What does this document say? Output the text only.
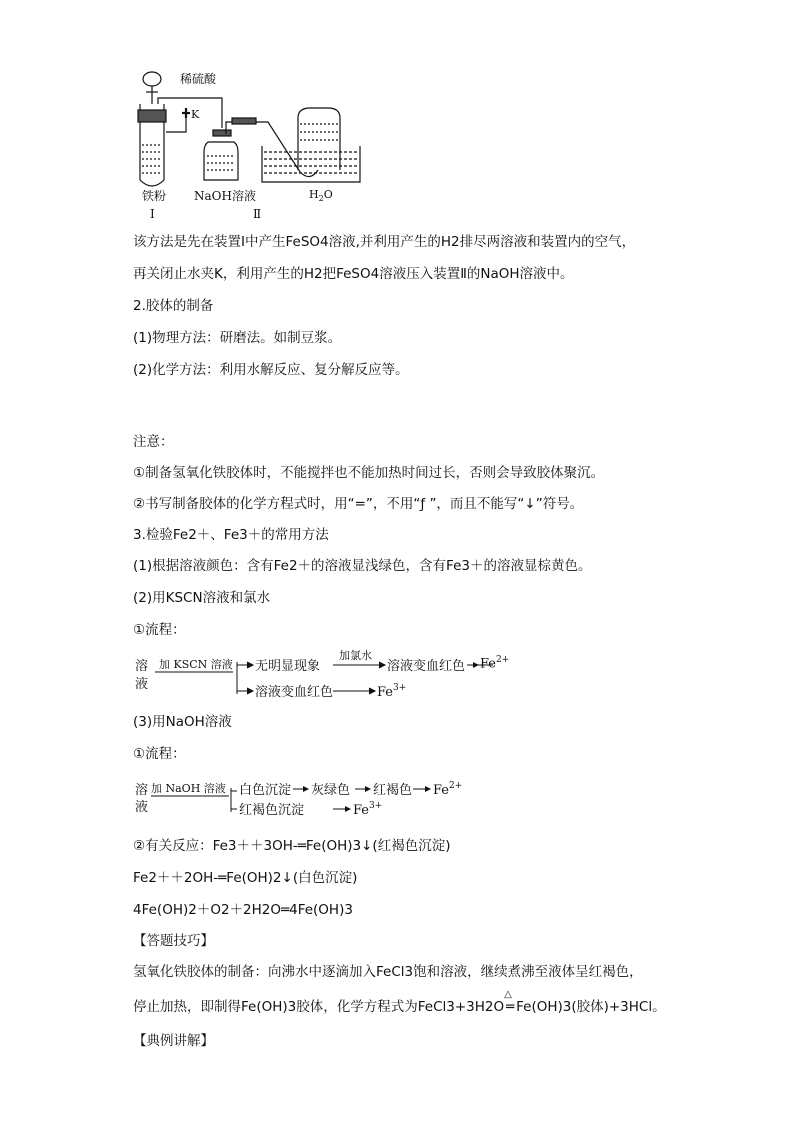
稀硫酸
K
铁粉 NaOH溶液	$H_2O$
Ⅰ	Ⅱ
该方法是先在装置Ⅰ中产生FeSO4溶液,并利用产生的H2排尽两溶液和装置内的空气，
再关闭止水夹K，利用产生的H2把FeSO4溶液压入装置Ⅱ的NaOH溶液中。
2.胶体的制备
(1)物理方法：研磨法。如制豆浆。
(2)化学方法：利用水解反应、复分解反应等。
注意：
①制备氢氧化铁胶体时，不能搅拌也不能加热时间过长，否则会导致胶体聚沉。
②书写制备胶体的化学方程式时，用“=”，不用“ƒ ”，而且不能写“↓”符号。
3.检验Fe2＋、Fe3＋的常用方法
(1)根据溶液颜色：含有Fe2＋的溶液显浅绿色，含有Fe3＋的溶液显棕黄色。
(2)用KSCN溶液和氯水
①流程：
溶
液
加 KSCN 溶液 无明显现象
加氯水
溶液变血红色
溶液变血红色	$Fe^{3+}$
$Fe^{2+}$
(3)用NaOH溶液
①流程：
溶
液
加 NaOH 溶液 白色沉淀 灰绿色 红褐色 $Fe^{2+}$
红褐色沉淀	$Fe^{3+}$
②有关反应：Fe3＋＋3OH-═Fe(OH)3↓(红褐色沉淀)
Fe2＋＋2OH-═Fe(OH)2↓(白色沉淀)
4Fe(OH)2＋O2＋2H2O═4Fe(OH)3
【答题技巧】
氢氧化铁胶体的制备：向沸水中逐滴加入FeCl3饱和溶液，继续煮沸至液体呈红褐色，
停止加热，即制得Fe(OH)3胶体，化学方程式为FeCl3+3H2O
△
═ Fe(OH)3(胶体)+3HCl。
【典例讲解】
